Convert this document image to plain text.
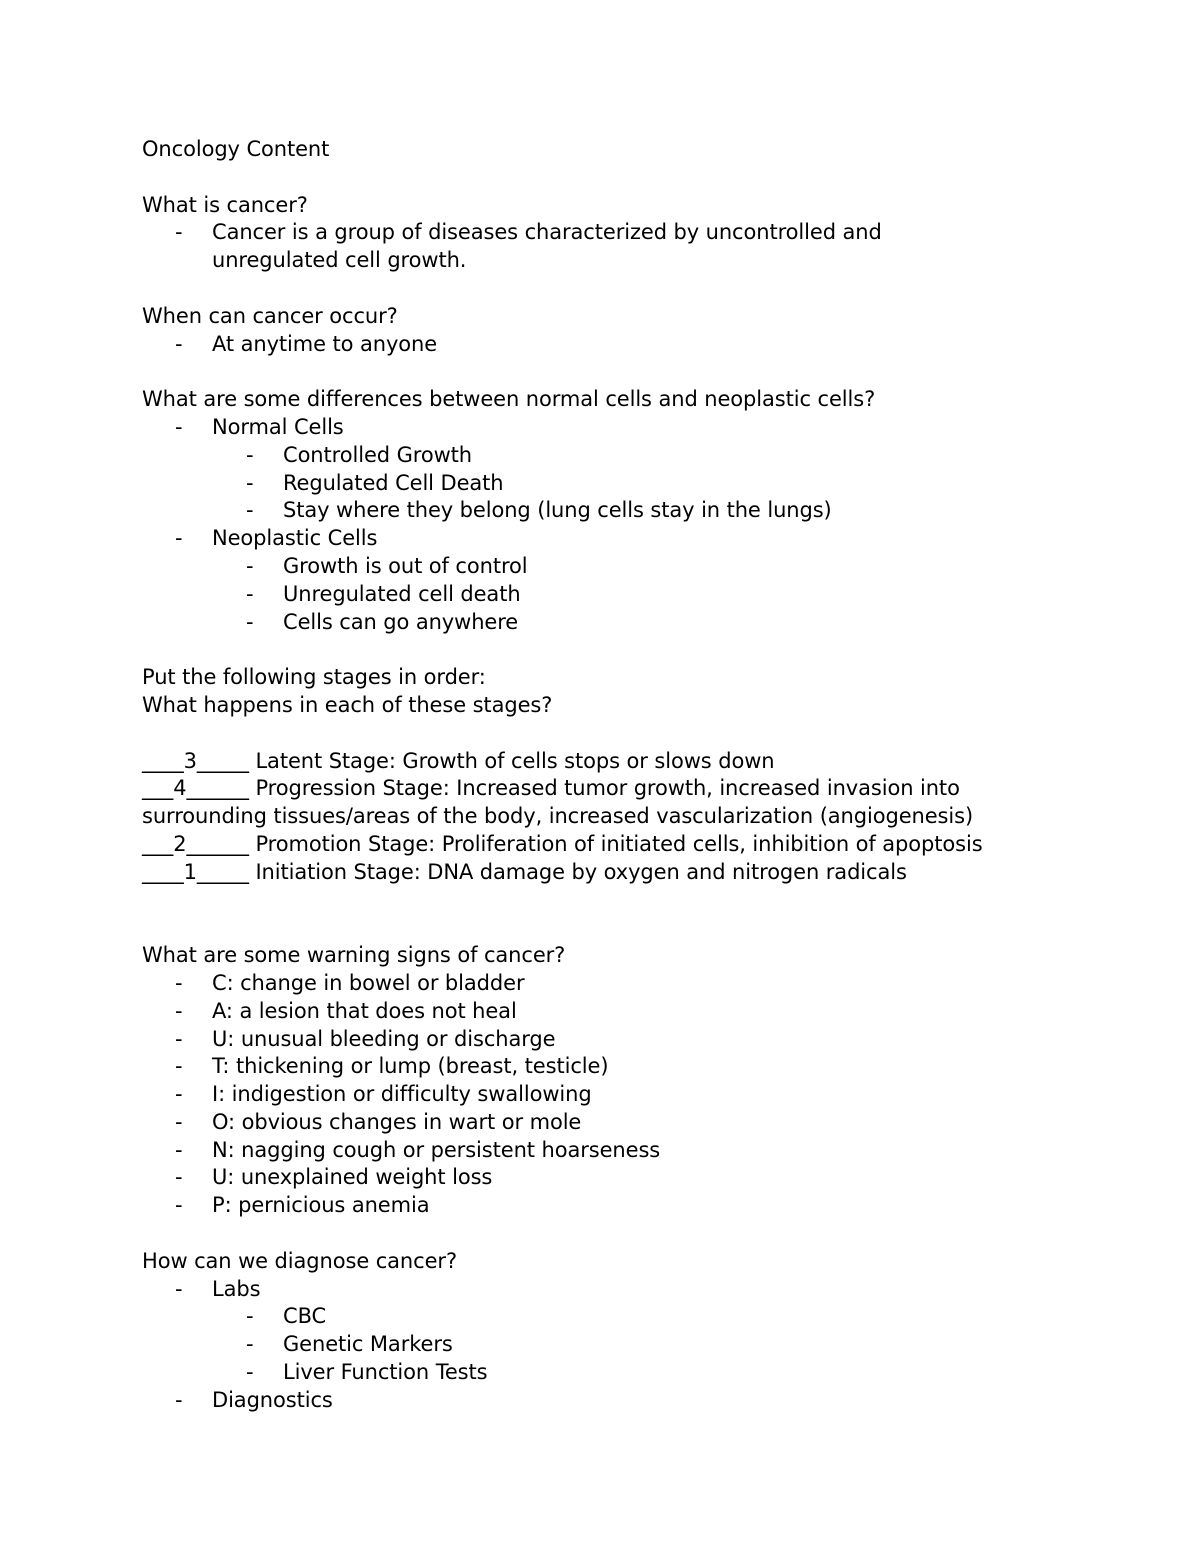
Oncology Content
What is cancer?
- Cancer is a group of diseases characterized by uncontrolled and
unregulated cell growth.
When can cancer occur?
- At anytime to anyone
What are some differences between normal cells and neoplastic cells?
- Normal Cells
- Controlled Growth
- Regulated Cell Death
- Stay where they belong (lung cells stay in the lungs)
- Neoplastic Cells
- Growth is out of control
- Unregulated cell death
- Cells can go anywhere
Put the following stages in order:
What happens in each of these stages?
____3_____ Latent Stage: Growth of cells stops or slows down
___4______ Progression Stage: Increased tumor growth, increased invasion into
surrounding tissues/areas of the body, increased vascularization (angiogenesis)
___2______ Promotion Stage: Proliferation of initiated cells, inhibition of apoptosis
____1_____ Initiation Stage: DNA damage by oxygen and nitrogen radicals
What are some warning signs of cancer?
- C: change in bowel or bladder
- A: a lesion that does not heal
- U: unusual bleeding or discharge
- T: thickening or lump (breast, testicle)
- I: indigestion or difficulty swallowing
- O: obvious changes in wart or mole
- N: nagging cough or persistent hoarseness
- U: unexplained weight loss
- P: pernicious anemia
How can we diagnose cancer?
- Labs
- CBC
- Genetic Markers
- Liver Function Tests
- Diagnostics
